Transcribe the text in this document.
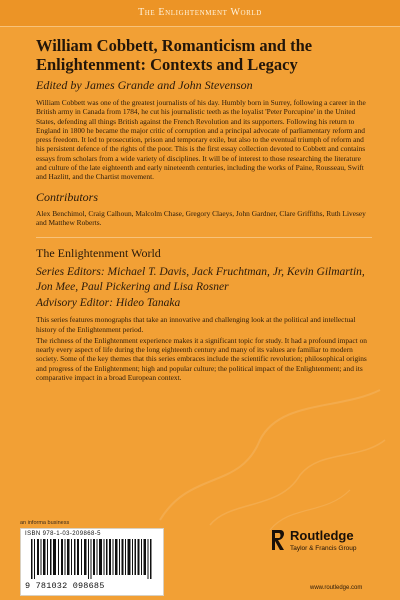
The Enlightenment World
William Cobbett, Romanticism and the Enlightenment: Contexts and Legacy

Edited by James Grande and John Stevenson

William Cobbett was one of the greatest journalists of his day. Humbly born in Surrey, following a career in the British army in Canada from 1784, he cut his journalistic teeth as the loyalist 'Peter Porcupine' in the United States, defending all things British against the French Revolution and its supporters. Following his return to England in 1800 he became the major critic of corruption and a principal advocate of parliamentary reform and press freedom. It led to prosecution, prison and temporary exile, but also to the eventual triumph of reform and his persistent defence of the rights of the poor. This is the first essay collection devoted to Cobbett and contains essays from scholars from a wide variety of disciplines. It will be of interest to those researching the literature and culture of the late eighteenth and early nineteenth centuries, including the works of Paine, Rousseau, Swift and Hazlitt, and the Chartist movement.

Contributors

Alex Benchimol, Craig Calhoun, Malcolm Chase, Gregory Claeys, John Gardner, Clare Griffiths, Ruth Livesey and Matthew Roberts.

The Enlightenment World

Series Editors: Michael T. Davis, Jack Fruchtman, Jr, Kevin Gilmartin, Jon Mee, Paul Pickering and Lisa Rosner

Advisory Editor: Hideo Tanaka

This series features monographs that take an innovative and challenging look at the political and intellectual history of the Enlightenment period.

The richness of the Enlightenment experience makes it a significant topic for study. It had a profound impact on nearly every aspect of life during the long eighteenth century and many of its values are familiar to modern society. Some of the key themes that this series embraces include the scientific revolution; philosophical origins and progress of the Enlightenment; high and popular culture; the political impact of the Enlightenment; and its comparative impact in a broad European context.

an informa business
ISBN 978-1-03-209868-5
9 781032 098685
Routledge
Taylor & Francis Group
www.routledge.com
